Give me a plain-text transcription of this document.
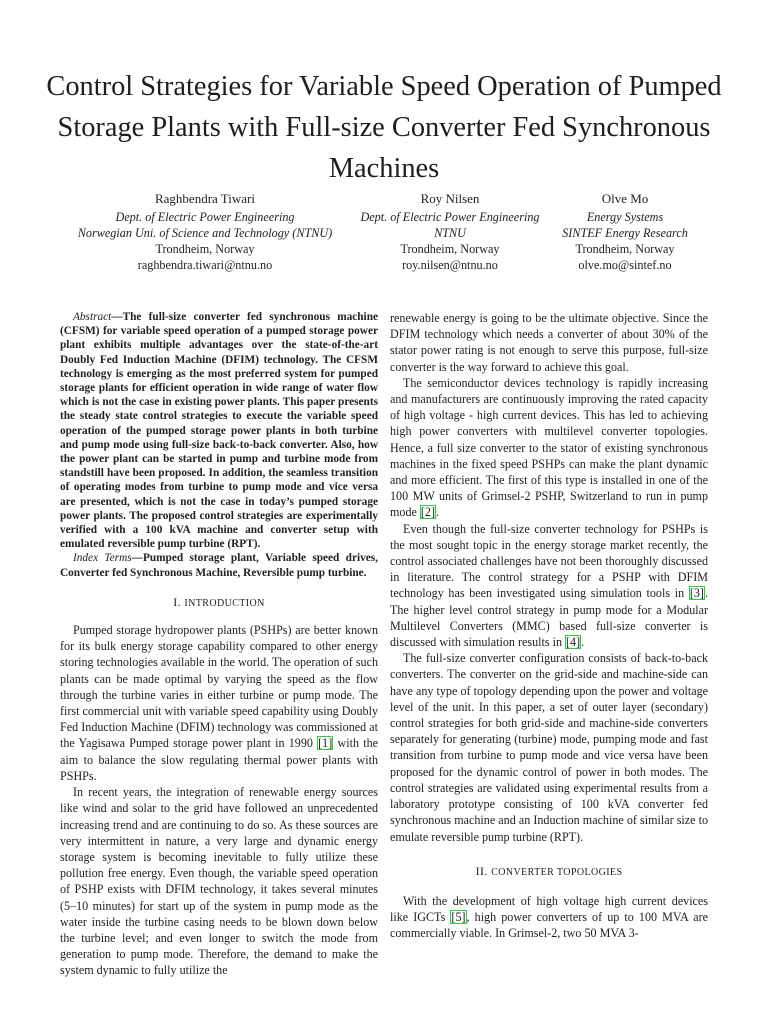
Control Strategies for Variable Speed Operation of Pumped Storage Plants with Full-size Converter Fed Synchronous Machines
Raghbendra Tiwari
Dept. of Electric Power Engineering
Norwegian Uni. of Science and Technology (NTNU)
Trondheim, Norway
raghbendra.tiwari@ntnu.no
Roy Nilsen
Dept. of Electric Power Engineering
NTNU
Trondheim, Norway
roy.nilsen@ntnu.no
Olve Mo
Energy Systems
SINTEF Energy Research
Trondheim, Norway
olve.mo@sintef.no

Abstract—The full-size converter fed synchronous machine (CFSM) for variable speed operation of a pumped storage power plant exhibits multiple advantages over the state-of-the-art Doubly Fed Induction Machine (DFIM) technology. The CFSM technology is emerging as the most preferred system for pumped storage plants for efficient operation in wide range of water flow which is not the case in existing power plants. This paper presents the steady state control strategies to execute the variable speed operation of the pumped storage power plants in both turbine and pump mode using full-size back-to-back converter. Also, how the power plant can be started in pump and turbine mode from standstill have been proposed. In addition, the seamless transition of operating modes from turbine to pump mode and vice versa are presented, which is not the case in today’s pumped storage power plants. The proposed control strategies are experimentally verified with a 100 kVA machine and converter setup with emulated reversible pump turbine (RPT).

Index Terms—Pumped storage plant, Variable speed drives, Converter fed Synchronous Machine, Reversible pump turbine.

I. INTRODUCTION

Pumped storage hydropower plants (PSHPs) are better known for its bulk energy storage capability compared to other energy storing technologies available in the world. The operation of such plants can be made optimal by varying the speed as the flow through the turbine varies in either turbine or pump mode. The first commercial unit with variable speed capability using Doubly Fed Induction Machine (DFIM) technology was commissioned at the Yagisawa Pumped storage power plant in 1990 [1] with the aim to balance the slow regulating thermal power plants with PSHPs.

In recent years, the integration of renewable energy sources like wind and solar to the grid have followed an unprecedented increasing trend and are continuing to do so. As these sources are very intermittent in nature, a very large and dynamic energy storage system is becoming inevitable to fully utilize these pollution free energy. Even though, the variable speed operation of PSHP exists with DFIM technology, it takes several minutes (5–10 minutes) for start up of the system in pump mode as the water inside the turbine casing needs to be blown down below the turbine level; and even longer to switch the mode from generation to pump mode. Therefore, the demand to make the system dynamic to fully utilize the

renewable energy is going to be the ultimate objective. Since the DFIM technology which needs a converter of about 30% of the stator power rating is not enough to serve this purpose, full-size converter is the way forward to achieve this goal.

The semiconductor devices technology is rapidly increasing and manufacturers are continuously improving the rated capacity of high voltage - high current devices. This has led to achieving high power converters with multilevel converter topologies. Hence, a full size converter to the stator of existing synchronous machines in the fixed speed PSHPs can make the plant dynamic and more efficient. The first of this type is installed in one of the 100 MW units of Grimsel-2 PSHP, Switzerland to run in pump mode [2].

Even though the full-size converter technology for PSHPs is the most sought topic in the energy storage market recently, the control associated challenges have not been thoroughly discussed in literature. The control strategy for a PSHP with DFIM technology has been investigated using simulation tools in [3]. The higher level control strategy in pump mode for a Modular Multilevel Converters (MMC) based full-size converter is discussed with simulation results in [4].

The full-size converter configuration consists of back-to-back converters. The converter on the grid-side and machine-side can have any type of topology depending upon the power and voltage level of the unit. In this paper, a set of outer layer (secondary) control strategies for both grid-side and machine-side converters separately for generating (turbine) mode, pumping mode and fast transition from turbine to pump mode and vice versa have been proposed for the dynamic control of power in both modes. The control strategies are validated using experimental results from a laboratory prototype consisting of 100 kVA converter fed synchronous machine and an Induction machine of similar size to emulate reversible pump turbine (RPT).

II. CONVERTER TOPOLOGIES

With the development of high voltage high current devices like IGCTs [5], high power converters of up to 100 MVA are commercially viable. In Grimsel-2, two 50 MVA 3-
